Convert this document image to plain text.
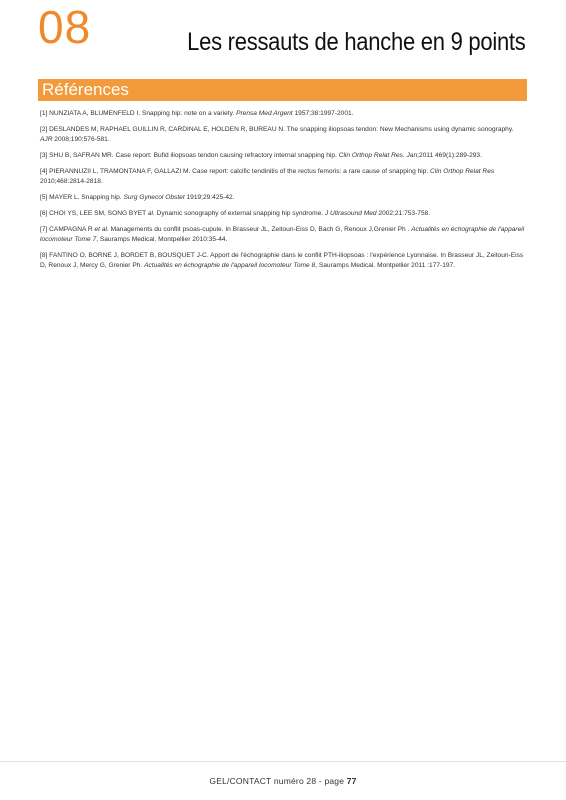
08	Les ressauts de hanche en 9 points
Références
[1] NUNZIATA A, BLUMENFELD I. Snapping hip: note on a variety. Prensa Med Argent 1957;38:1997-2001.
[2] DESLANDES M, RAPHAEL GUILLIN R, CARDINAL E, HOLDEN R, BUREAU N. The snapping iliopsoas tendon: New Mechanisms using dynamic sonography. AJR 2008;190:576-581.
[3] SHU B, SAFRAN MR. Case report: Bufid iliopsoas tendon causing refractory internal snapping hip. Clin Orthop Relat Res. Jan;2011 469(1):289-293.
[4] PIERANNUZII L, TRAMONTANA F, GALLAZI M. Case report: calcific tendinitis of the rectus femoris: a rare cause of snapping hip. Clin Orthop Relat Res 2010;468:2814-2818.
[5] MAYER L. Snapping hip. Surg Gynecol Obstet 1919;29:425-42.
[6] CHOI YS, LEE SM, SONG BYET al. Dynamic sonography of external snapping hip syndrome. J Ultrasound Med 2002;21:753-758.
[7] CAMPAGNA R et al. Managements du conflit psoas-cupule. In Brasseur JL, Zeitoun-Eiss D, Bach G, Renoux J,Grenier Ph . Actualités en échographie de l'appareil locomoteur Tome 7, Sauramps Medical. Montpellier 2010:35-44.
[8] FANTINO O, BORNE J, BORDET B, BOUSQUET J-C. Apport de l'échographie dans le conflit PTH-iliopsoas : l'expérience Lyonnaise. In Brasseur JL, Zeitoun-Eiss D, Renoux J, Mercy G, Grenier Ph. Actualités en échographie de l'appareil locomoteur Tome 8, Sauramps Medical. Montpellier 2011 :177-197.
GEL/CONTACT numéro 28 - page 77
